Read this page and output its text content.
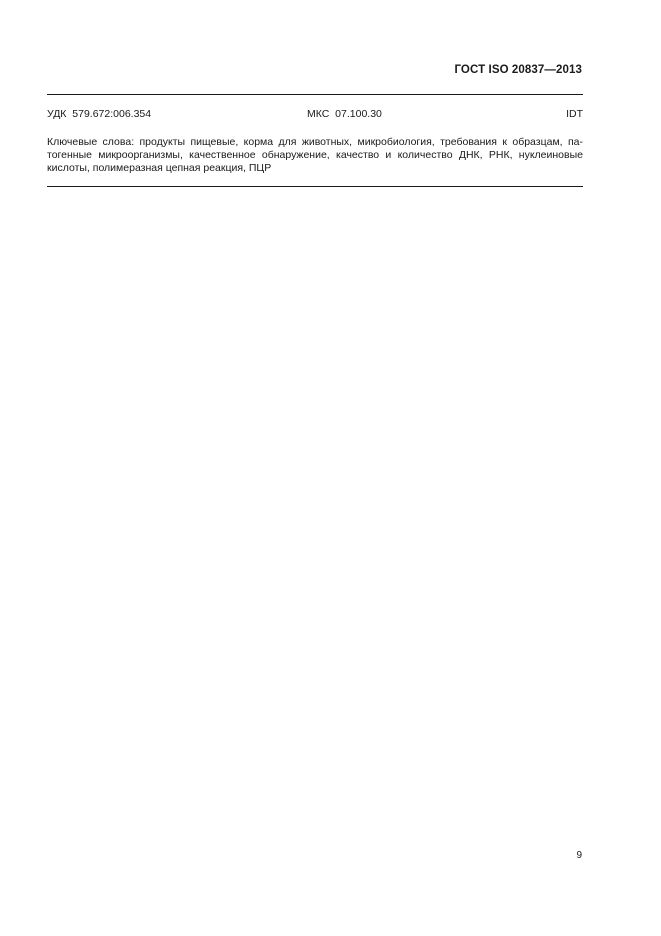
ГОСТ ISO 20837—2013
УДК 579.672:006.354	МКС 07.100.30	IDT
Ключевые слова: продукты пищевые, корма для животных, микробиология, требования к образцам, па-
тогенные микроорганизмы, качественное обнаружение, качество и количество ДНК, РНК, нуклеиновые
кислоты, полимеразная цепная реакция, ПЦР
9
